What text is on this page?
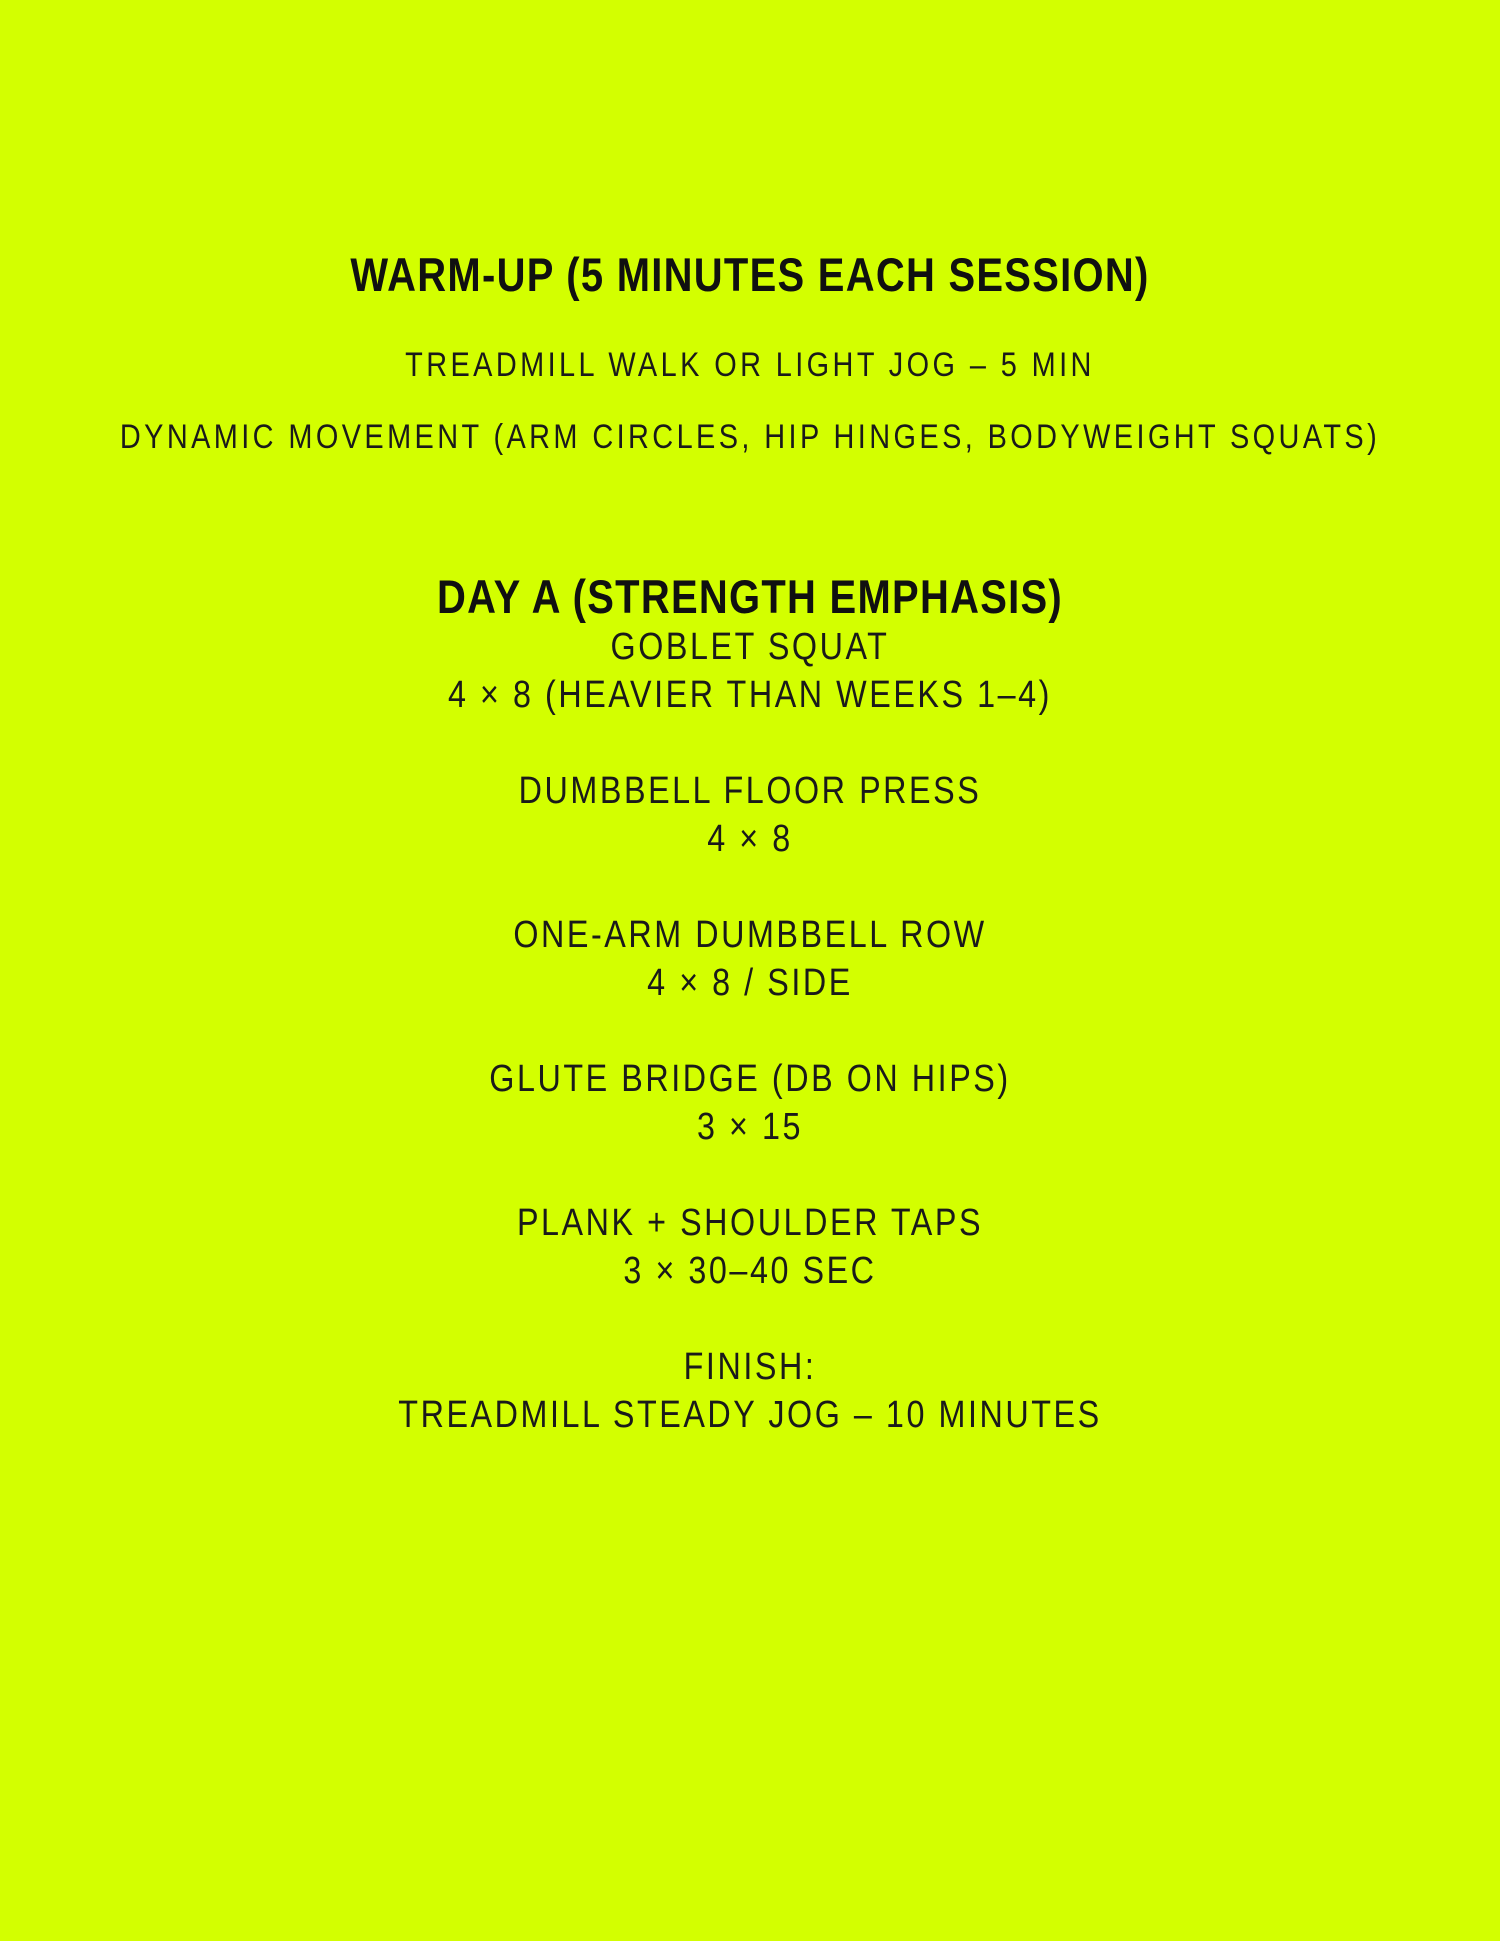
WARM-UP (5 MINUTES EACH SESSION)
TREADMILL WALK OR LIGHT JOG – 5 MIN
DYNAMIC MOVEMENT (ARM CIRCLES, HIP HINGES, BODYWEIGHT SQUATS)
DAY A (STRENGTH EMPHASIS)
GOBLET SQUAT
4 × 8 (HEAVIER THAN WEEKS 1–4)
DUMBBELL FLOOR PRESS
4 × 8
ONE-ARM DUMBBELL ROW
4 × 8 / SIDE
GLUTE BRIDGE (DB ON HIPS)
3 × 15
PLANK + SHOULDER TAPS
3 × 30–40 SEC
FINISH:
TREADMILL STEADY JOG – 10 MINUTES
